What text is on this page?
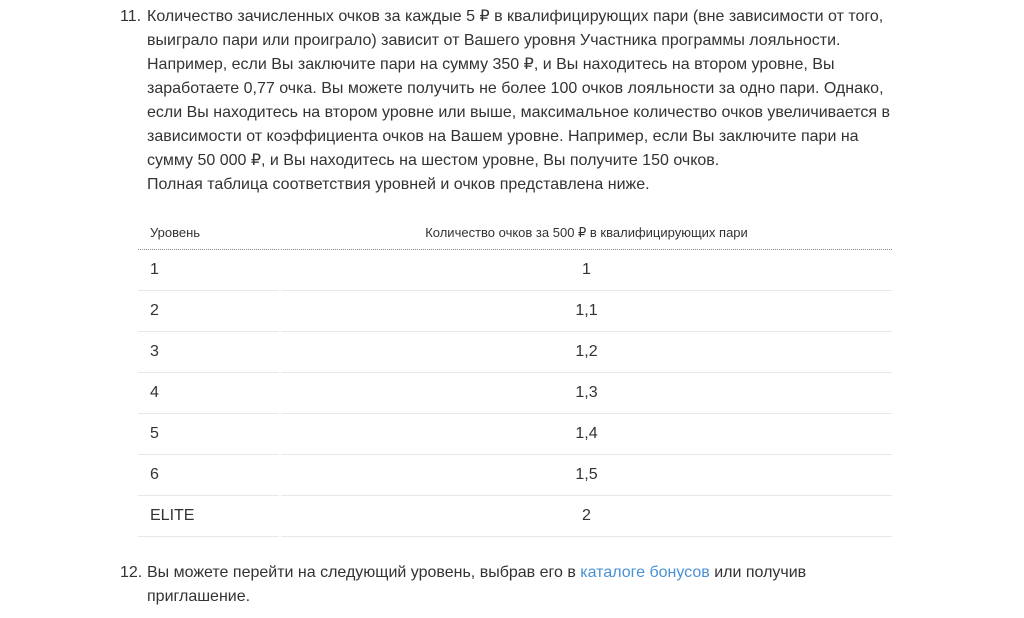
11. Количество зачисленных очков за каждые 5 ₽ в квалифицирующих пари (вне зависимости от того, выиграло пари или проиграло) зависит от Вашего уровня Участника программы лояльности. Например, если Вы заключите пари на сумму 350 ₽, и Вы находитесь на втором уровне, Вы заработаете 0,77 очка. Вы можете получить не более 100 очков лояльности за одно пари. Однако, если Вы находитесь на втором уровне или выше, максимальное количество очков увеличивается в зависимости от коэффициента очков на Вашем уровне. Например, если Вы заключите пари на сумму 50 000 ₽, и Вы находитесь на шестом уровне, Вы получите 150 очков.
Полная таблица соответствия уровней и очков представлена ниже.
Уровень	Количество очков за 500 ₽ в квалифицирующих пари
1	1
2	1,1
3	1,2
4	1,3
5	1,4
6	1,5
ELITE	2
12. Вы можете перейти на следующий уровень, выбрав его в каталоге бонусов или получив приглашение.
